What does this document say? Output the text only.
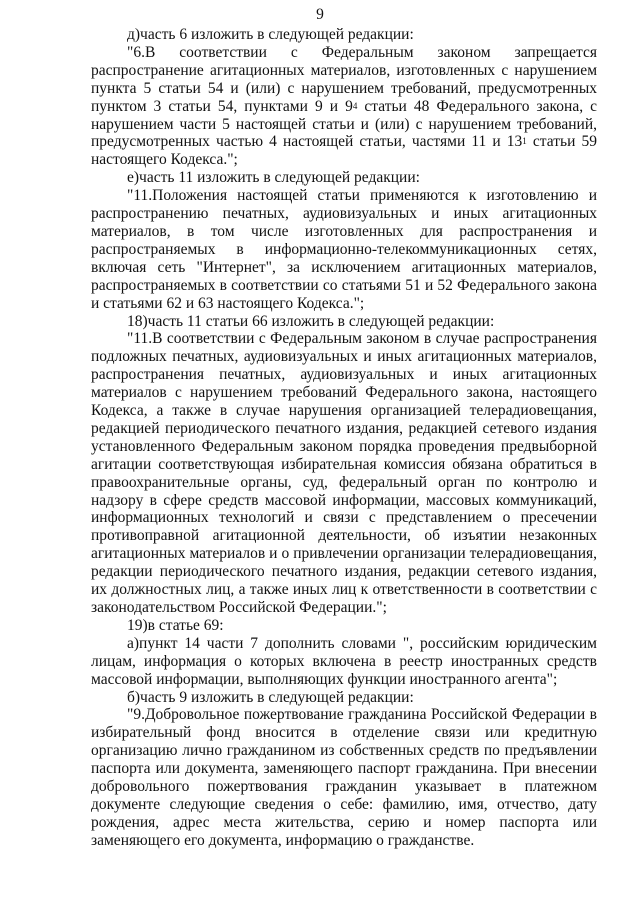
9

д)часть 6 изложить в следующей редакции:

"6.В соответствии с Федеральным законом запрещается распространение агитационных материалов, изготовленных с нарушением пункта 5 статьи 54 и (или) с нарушением требований, предусмотренных пунктом 3 статьи 54, пунктами 9 и $9^4$ статьи 48 Федерального закона, с нарушением части 5 настоящей статьи и (или) с нарушением требований, предусмотренных частью 4 настоящей статьи, частями 11 и $13^1$ статьи 59 настоящего Кодекса.";

е)часть 11 изложить в следующей редакции:

"11.Положения настоящей статьи применяются к изготовлению и распространению печатных, аудиовизуальных и иных агитационных материалов, в том числе изготовленных для распространения и распространяемых в информационно-телекоммуникационных сетях, включая сеть "Интернет", за исключением агитационных материалов, распространяемых в соответствии со статьями 51 и 52 Федерального закона и статьями 62 и 63 настоящего Кодекса.";

18)часть 11 статьи 66 изложить в следующей редакции:

"11.В соответствии с Федеральным законом в случае распространения подложных печатных, аудиовизуальных и иных агитационных материалов, распространения печатных, аудиовизуальных и иных агитационных материалов с нарушением требований Федерального закона, настоящего Кодекса, а также в случае нарушения организацией телерадиовещания, редакцией периодического печатного издания, редакцией сетевого издания установленного Федеральным законом порядка проведения предвыборной агитации соответствующая избирательная комиссия обязана обратиться в правоохранительные органы, суд, федеральный орган по контролю и надзору в сфере средств массовой информации, массовых коммуникаций, информационных технологий и связи с представлением о пресечении противоправной агитационной деятельности, об изъятии незаконных агитационных материалов и о привлечении организации телерадиовещания, редакции периодического печатного издания, редакции сетевого издания, их должностных лиц, а также иных лиц к ответственности в соответствии с законодательством Российской Федерации.";

19)в статье 69:

а)пункт 14 части 7 дополнить словами ", российским юридическим лицам, информация о которых включена в реестр иностранных средств массовой информации, выполняющих функции иностранного агента";

б)часть 9 изложить в следующей редакции:

"9.Добровольное пожертвование гражданина Российской Федерации в избирательный фонд вносится в отделение связи или кредитную организацию лично гражданином из собственных средств по предъявлении паспорта или документа, заменяющего паспорт гражданина. При внесении добровольного пожертвования гражданин указывает в платежном документе следующие сведения о себе: фамилию, имя, отчество, дату рождения, адрес места жительства, серию и номер паспорта или заменяющего его документа, информацию о гражданстве.
